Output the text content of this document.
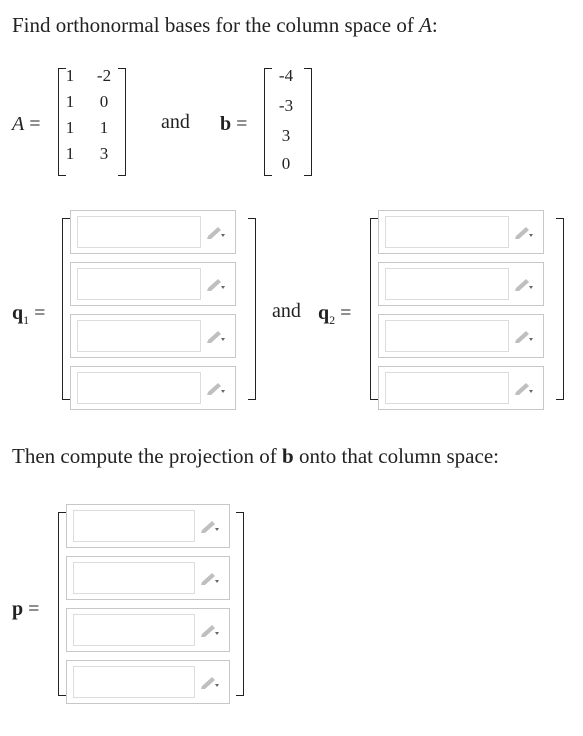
Find orthonormal bases for the column space of A:
A =
1	-2
1	0
1	1
1	3
and b =
-4
-3
3
0
$q_1$ =	and $q_2$ =
Then compute the projection of b onto that column space:
p =
